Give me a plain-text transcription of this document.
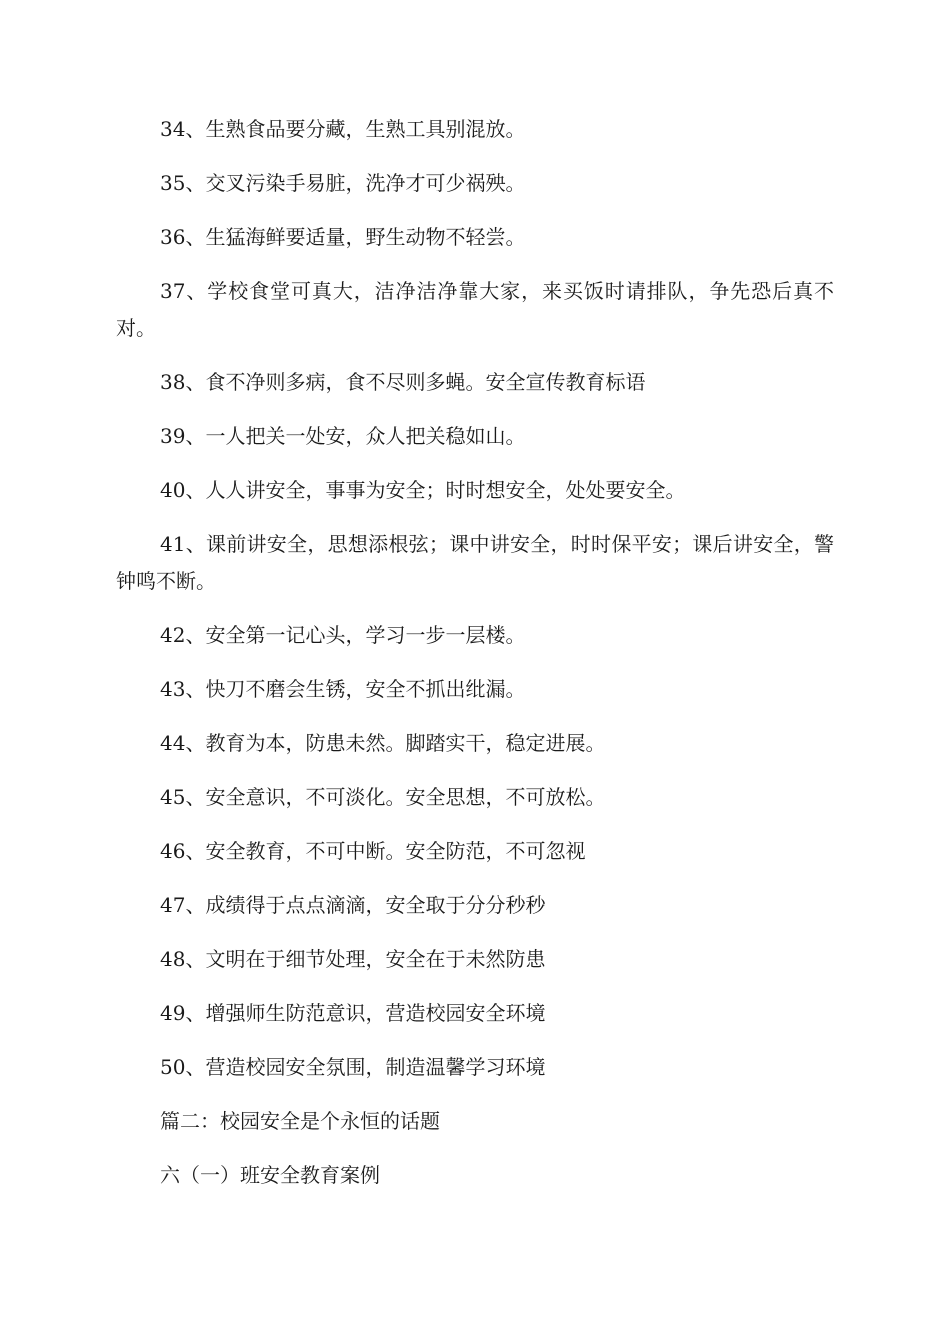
34、生熟食品要分藏，生熟工具别混放。

35、交叉污染手易脏，洗净才可少祸殃。

36、生猛海鲜要适量，野生动物不轻尝。

37、学校食堂可真大，洁净洁净靠大家，来买饭时请排队，争先恐后真不对。

38、食不净则多病，食不尽则多蝇。安全宣传教育标语

39、一人把关一处安，众人把关稳如山。

40、人人讲安全，事事为安全；时时想安全，处处要安全。

41、课前讲安全，思想添根弦；课中讲安全，时时保平安；课后讲安全，警钟鸣不断。

42、安全第一记心头，学习一步一层楼。

43、快刀不磨会生锈，安全不抓出纰漏。

44、教育为本，防患未然。脚踏实干，稳定进展。

45、安全意识，不可淡化。安全思想，不可放松。

46、安全教育，不可中断。安全防范，不可忽视

47、成绩得于点点滴滴，安全取于分分秒秒

48、文明在于细节处理，安全在于未然防患

49、增强师生防范意识，营造校园安全环境

50、营造校园安全氛围，制造温馨学习环境

篇二：校园安全是个永恒的话题

六（一）班安全教育案例
